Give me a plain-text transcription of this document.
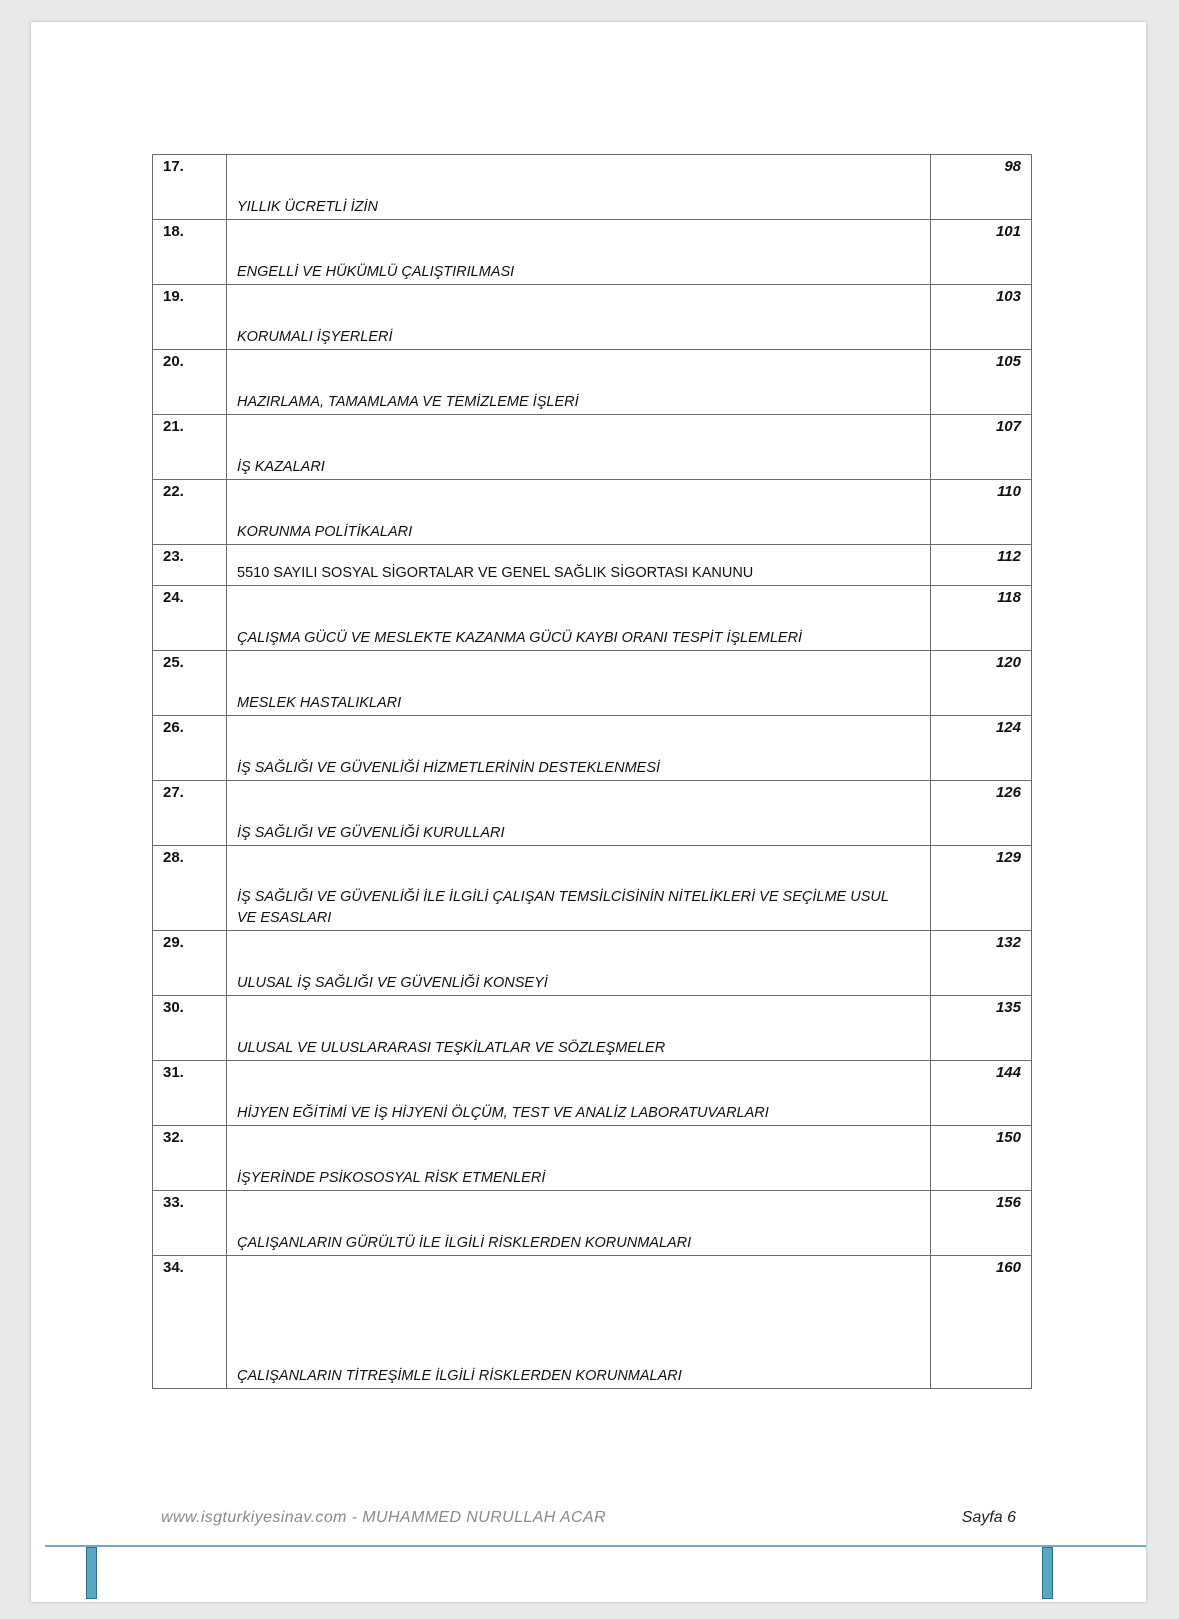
17.	YILLIK ÜCRETLİ İZİN	98
18.	ENGELLİ VE HÜKÜMLÜ ÇALIŞTIRILMASI	101
19.	KORUMALI İŞYERLERİ	103
20.	HAZIRLAMA, TAMAMLAMA VE TEMİZLEME İŞLERİ	105
21.	İŞ KAZALARI	107
22.	KORUNMA POLİTİKALARI	110
23.	5510 SAYILI SOSYAL SİGORTALAR VE GENEL SAĞLIK SİGORTASI KANUNU	112
24.	ÇALIŞMA GÜCÜ VE MESLEKTE KAZANMA GÜCÜ KAYBI ORANI TESPİT İŞLEMLERİ	118
25.	MESLEK HASTALIKLARI	120
26.	İŞ SAĞLIĞI VE GÜVENLİĞİ HİZMETLERİNİN DESTEKLENMESİ	124
27.	İŞ SAĞLIĞI VE GÜVENLİĞİ KURULLARI	126
28.	İŞ SAĞLIĞI VE GÜVENLİĞİ İLE İLGİLİ ÇALIŞAN TEMSİLCİSİNİN NİTELİKLERİ VE SEÇİLME USUL VE ESASLARI	129
29.	ULUSAL İŞ SAĞLIĞI VE GÜVENLİĞİ KONSEYİ	132
30.	ULUSAL VE ULUSLARARASI TEŞKİLATLAR VE SÖZLEŞMELER	135
31.	HİJYEN EĞİTİMİ VE İŞ HİJYENİ ÖLÇÜM, TEST VE ANALİZ LABORATUVARLARI	144
32.	İŞYERİNDE PSİKOSOSYAL RİSK ETMENLERİ	150
33.	ÇALIŞANLARIN GÜRÜLTÜ İLE İLGİLİ RİSKLERDEN KORUNMALARI	156
34.	ÇALIŞANLARIN TİTREŞİMLE İLGİLİ RİSKLERDEN KORUNMALARI	160
www.isgturkiyesinav.com - MUHAMMED NURULLAH ACAR	Sayfa 6
